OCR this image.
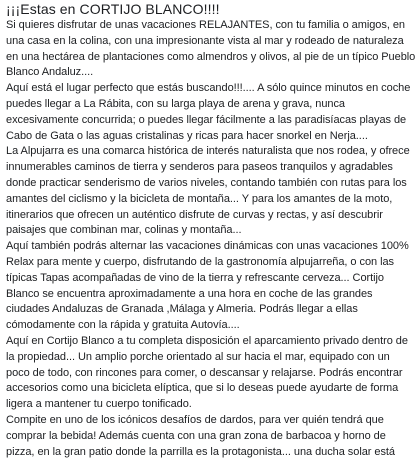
¡¡¡Estas en CORTIJO BLANCO!!!!

Si quieres disfrutar de unas vacaciones RELAJANTES, con tu familia o amigos, en una casa en la colina, con una impresionante vista al mar y rodeado de naturaleza en una hectárea de plantaciones como almendros y olivos, al pie de un típico Pueblo Blanco Andaluz....
Aquí está el lugar perfecto que estás buscando!!!.... A sólo quince minutos en coche puedes llegar a La Rábita, con su larga playa de arena y grava, nunca excesivamente concurrida; o puedes llegar fácilmente a las paradisíacas playas de Cabo de Gata o las aguas cristalinas y ricas para hacer snorkel en Nerja....
La Alpujarra es una comarca histórica de interés naturalista que nos rodea, y ofrece innumerables caminos de tierra y senderos para paseos tranquilos y agradables donde practicar senderismo de varios niveles, contando también con rutas para los amantes del ciclismo y la bicicleta de montaña... Y para los amantes de la moto, itinerarios que ofrecen un auténtico disfrute de curvas y rectas, y así descubrir paisajes que combinan mar, colinas y montaña...
Aquí también podrás alternar las vacaciones dinámicas con unas vacaciones 100% Relax para mente y cuerpo, disfrutando de la gastronomía alpujarreña, o con las típicas Tapas acompañadas de vino de la tierra y refrescante cerveza... Cortijo Blanco se encuentra aproximadamente a una hora en coche de las grandes ciudades Andaluzas de Granada ,Málaga y Almeria. Podrás llegar a ellas cómodamente con la rápida y gratuita Autovía....
Aquí en Cortijo Blanco a tu completa disposición el aparcamiento privado dentro de la propiedad... Un amplio porche orientado al sur hacia el mar, equipado con un poco de todo, con rincones para comer, o descansar y relajarse. Podrás encontrar accesorios como una bicicleta elíptica, que si lo deseas puede ayudarte de forma ligera a mantener tu cuerpo tonificado.
Compite en uno de los icónicos desafíos de dardos, para ver quién tendrá que comprar la bebida! Además cuenta con una gran zona de barbacoa y horno de pizza, en la gran patio donde la parrilla es la protagonista... una ducha solar está
